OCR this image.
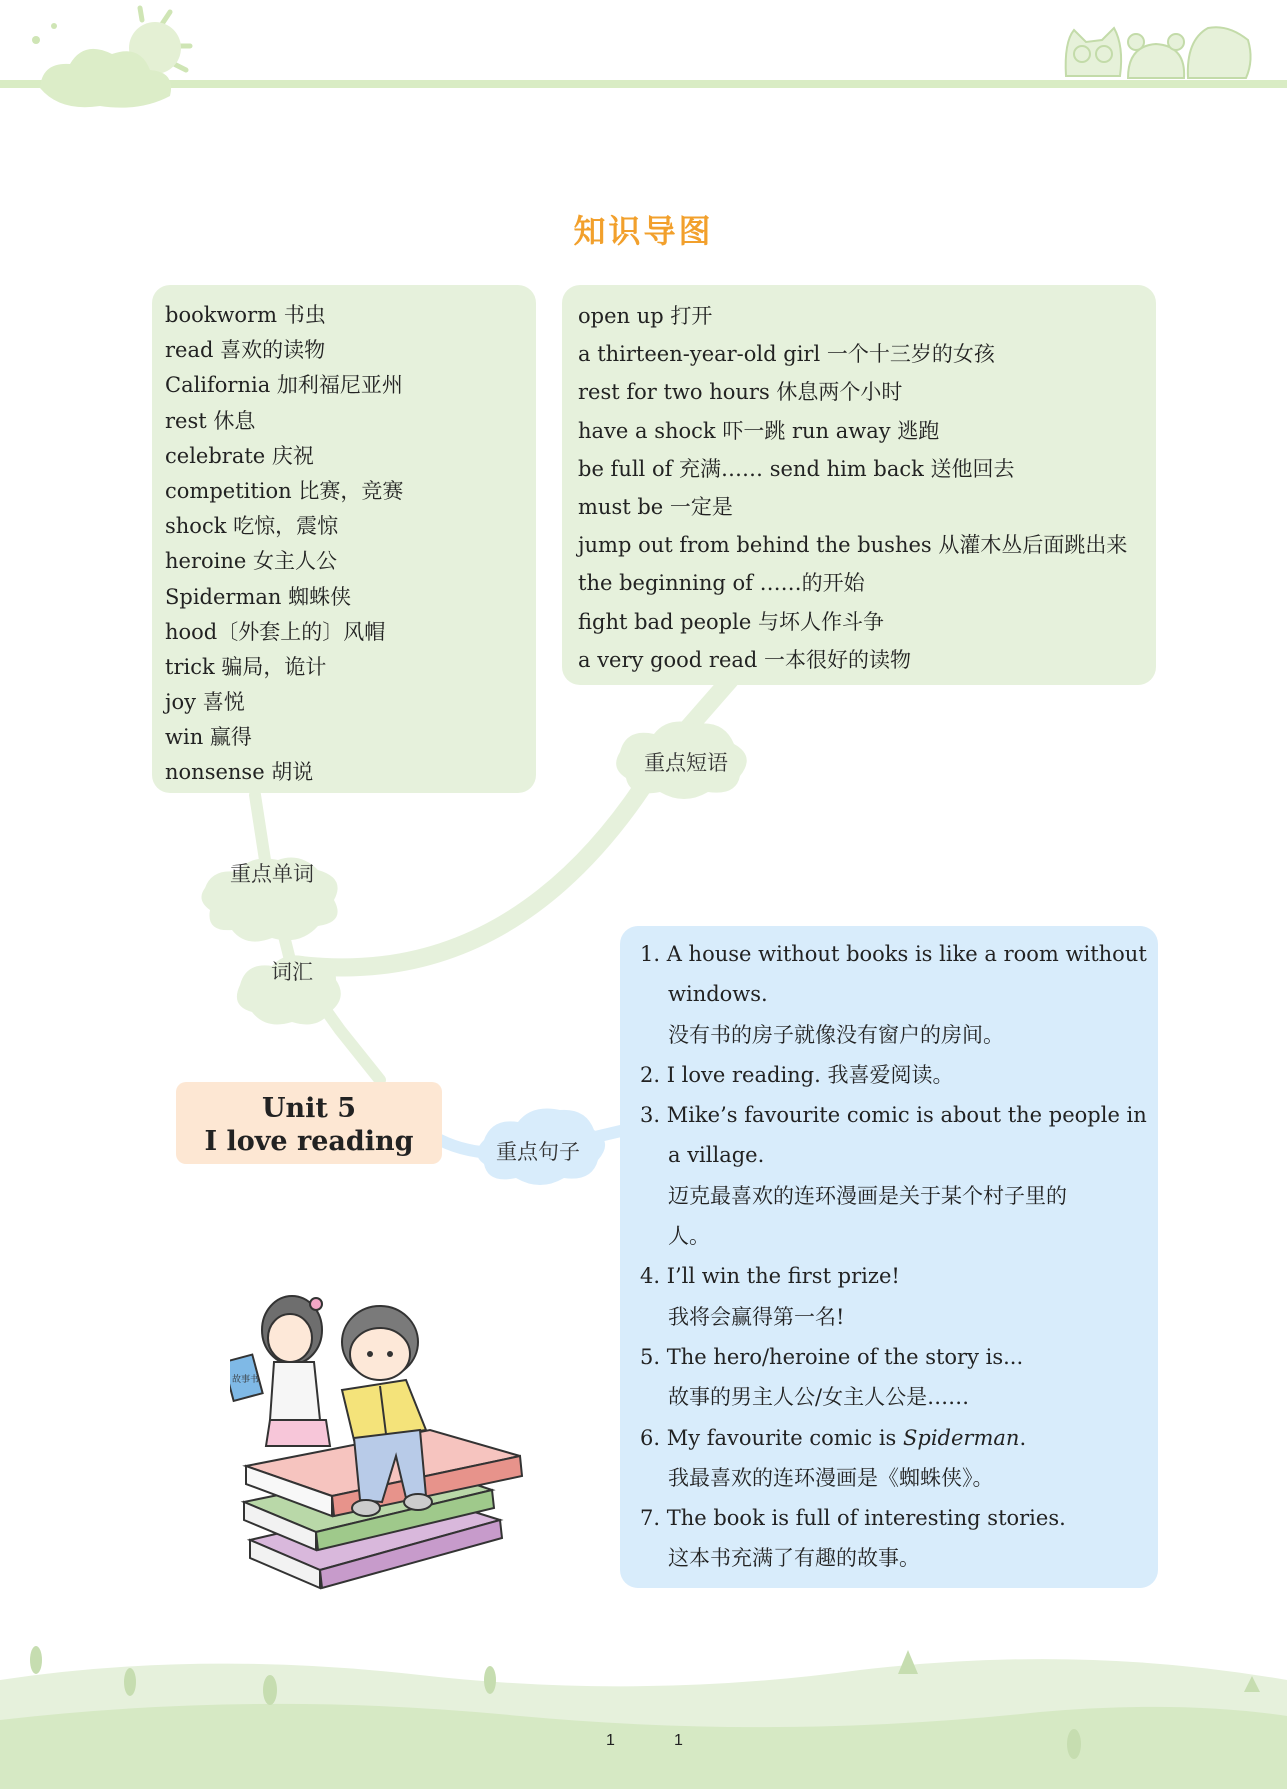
知识导图
重点单词
词汇
重点短语
重点句子
bookworm 书虫
read 喜欢的读物
California 加利福尼亚州
rest 休息
celebrate 庆祝
competition 比赛，竞赛
shock 吃惊，震惊
heroine 女主人公
Spiderman 蜘蛛侠
hood〔外套上的〕风帽
trick 骗局，诡计
joy 喜悦
win 赢得
nonsense 胡说
open up 打开
a thirteen-year-old girl 一个十三岁的女孩
rest for two hours 休息两个小时
have a shock 吓一跳 run away 逃跑
be full of 充满…… send him back 送他回去
must be 一定是
jump out from behind the bushes 从灌木丛后面跳出来
the beginning of ……的开始
fight bad people 与坏人作斗争
a very good read 一本很好的读物
Unit 5
I love reading
1. A house without books is like a room without
windows.
没有书的房子就像没有窗户的房间。
2. I love reading. 我喜爱阅读。
3. Mike’s favourite comic is about the people in
a village.
迈克最喜欢的连环漫画是关于某个村子里的
人。
4. I’ll win the first prize!
我将会赢得第一名!
5. The hero/heroine of the story is...
故事的男主人公/女主人公是……
6. My favourite comic is Spiderman.
我最喜欢的连环漫画是《蜘蛛侠》。
7. The book is full of interesting stories.
这本书充满了有趣的故事。
故事书
1	1
